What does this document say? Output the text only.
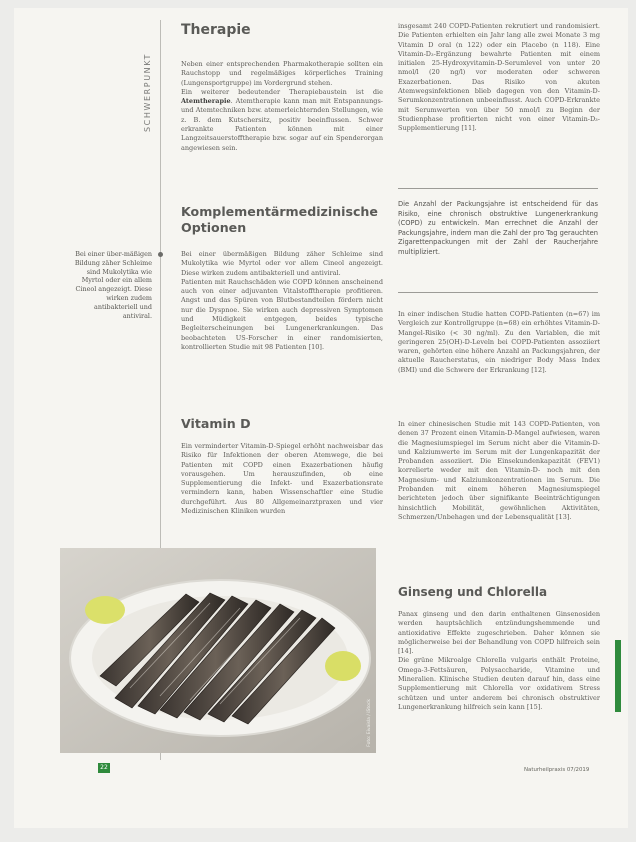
SCHWERPUNKT
Bei einer über-mäßigen Bildung zäher Schleime sind Mukolytika wie Myrtol oder ein allem Cineol angezeigt. Diese wirken zudem antibakteriell und antiviral.
Therapie

Neben einer entsprechenden Pharmakotherapie sollten ein Rauchstopp und regelmäßiges körperliches Training (Lungensportgruppe) im Vordergrund stehen.

Ein weiterer bedeutender Therapiebaustein ist die Atemtherapie. Atemtherapie kann man mit Entspannungs- und Atemtechniken bzw. atemerleichternden Stellungen, wie z. B. dem Kutschersitz, positiv beeinflussen. Schwer erkrankte Patienten können mit einer Langzeitsauerstofftherapie bzw. sogar auf ein Spenderorgan angewiesen sein.

Komplementärmedizinische Optionen

Bei einer übermäßigen Bildung zäher Schleime sind Mukolytika wie Myrtol oder vor allem Cineol angezeigt. Diese wirken zudem antibakteriell und antiviral.

Patienten mit Rauchschäden wie COPD können anscheinend auch von einer adjuvanten Vitalstofftherapie profitieren. Angst und das Spüren von Blutbestandteilen fördern nicht nur die Dyspnoe. Sie wirken auch depressiven Symptomen und Müdigkeit entgegen, beides typische Begleiterscheinungen bei Lungenerkrankungen. Das beobachteten US-Forscher in einer randomisierten, kontrollierten Studie mit 98 Patienten [10].

Vitamin D

Ein verminderter Vitamin-D-Spiegel erhöht nachweisbar das Risiko für Infektionen der oberen Atemwege, die bei Patienten mit COPD einen Exazerbationen häufig vorausgehen. Um herauszufinden, ob eine Supplementierung die Infekt- und Exazerbationsrate vermindern kann, haben Wissenschaftler eine Studie durchgeführt. Aus 80 Allgemeinarztpraxen und vier Medizinischen Kliniken wurden

insgesamt 240 COPD-Patienten rekrutiert und randomisiert. Die Patienten erhielten ein Jahr lang alle zwei Monate 3 mg Vitamin D oral (n 122) oder ein Placebo (n 118). Eine Vitamin-D₃-Ergänzung bewahrte Patienten mit einem initialen 25-Hydroxyvitamin-D-Serumlevel von unter 20 nmol/l (20 ng/l) vor moderaten oder schweren Exazerbationen. Das Risiko von akuten Atemwegsinfektionen blieb dagegen von den Vitamin-D-Serumkonzentrationen unbeeinflusst. Auch COPD-Erkrankte mit Serumwerten von über 50 nmol/l zu Beginn der Studienphase profitierten nicht von einer Vitamin-D₃-Supplementierung [11].

Die Anzahl der Packungsjahre ist entscheidend für das Risiko, eine chronisch obstruktive Lungenerkrankung (COPD) zu entwickeln. Man errechnet die Anzahl der Packungsjahre, indem man die Zahl der pro Tag gerauchten Zigarettenpackungen mit der Zahl der Raucherjahre multipliziert.

In einer indischen Studie hatten COPD-Patienten (n=67) im Vergleich zur Kontrollgruppe (n=68) ein erhöhtes Vitamin-D-Mangel-Risiko (< 30 ng/ml). Zu den Variablen, die mit geringeren 25(OH)-D-Leveln bei COPD-Patienten assoziiert waren, gehörten eine höhere Anzahl an Packungsjahren, der aktuelle Raucherstatus, ein niedriger Body Mass Index (BMI) und die Schwere der Erkrankung [12].

In einer chinesischen Studie mit 143 COPD-Patienten, von denen 37 Prozent einen Vitamin-D-Mangel aufwiesen, waren die Magnesiumspiegel im Serum nicht aber die Vitamin-D- und Kalziumwerte im Serum mit der Lungenkapazität der Probanden assoziiert. Die Einsekundenkapazität (FEV1) korrelierte weder mit den Vitamin-D- noch mit den Magnesium- und Kalziumkonzentrationen im Serum. Die Probanden mit einem höheren Magnesiumspiegel berichteten jedoch über signifikante Beeinträchtigungen hinsichtlich Mobilität, gewöhnlichen Aktivitäten, Schmerzen/Unbehagen und der Lebensqualität [13].

Ginseng und Chlorella

Panax ginseng und den darin enthaltenen Ginsenosiden werden hauptsächlich entzündungshemmende und antioxidative Effekte zugeschrieben. Daher können sie möglicherweise bei der Behandlung von COPD hilfreich sein [14].

Die grüne Mikroalge Chlorella vulgaris enthält Proteine, Omega-3-Fettsäuren, Polysaccharide, Vitamine und Mineralien. Klinische Studien deuten darauf hin, dass eine Supplementierung mit Chlorella vor oxidativem Stress schützen und unter anderem bei chronisch obstruktiver Lungenerkrankung hilfreich sein kann [15].

Foto: Eivaisla / iStock
22	Naturheilpraxis 07/2019
